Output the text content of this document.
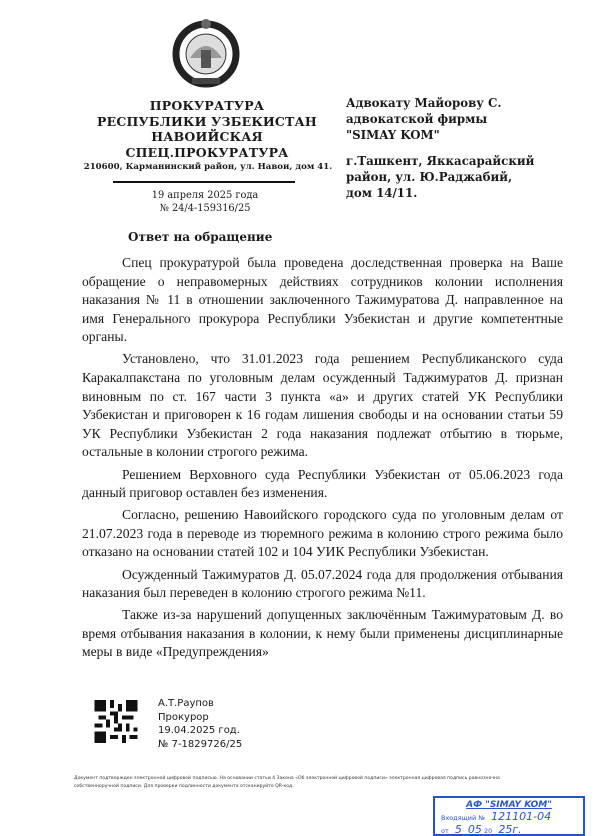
ПРОКУРАТУРА
РЕСПУБЛИКИ УЗБЕКИСТАН
НАВОИЙСКАЯ
СПЕЦ.ПРОКУРАТУРА
210600, Карманинский район, ул. Навои, дом 41.
19 апреля 2025 года
№ 24/4-159316/25
Адвокату Майорову С.
адвокатской фирмы
"SIMAY KOM"
г.Ташкент, Яккасарайский
район, ул. Ю.Раджабий,
дом 14/11.
Ответ на обращение

Спец прокуратурой была проведена доследственная проверка на Ваше обращение о неправомерных действиях сотрудников колонии исполнения наказания № 11 в отношении заключенного Тажимуратова Д. направленное на имя Генерального прокурора Республики Узбекистан и другие компетентные органы.

Установлено, что 31.01.2023 года решением Республиканского суда Каракалпакстана по уголовным делам осужденный Таджимуратов Д. признан виновным по ст. 167 части 3 пункта «а» и других статей УК Республики Узбекистан и приговорен к 16 годам лишения свободы и на основании статьи 59 УК Республики Узбекистан 2 года наказания подлежат отбытию в тюрьме, остальные в колонии строгого режима.

Решением Верховного суда Республики Узбекистан от 05.06.2023 года данный приговор оставлен без изменения.

Согласно, решению Навоийского городского суда по уголовным делам от 21.07.2023 года в переводе из тюремного режима в колонию строго режима было отказано на основании статей 102 и 104 УИК Республики Узбекистан.

Осужденный Тажимуратов Д. 05.07.2024 года для продолжения отбывания наказания был переведен в колонию строгого режима №11.

Также из-за нарушений допущенных заключённым Тажимуратовым Д. во время отбывания наказания в колонии, к нему были применены дисциплинарные меры в виде «Предупреждения»

А.Т.Раупов
Прокурор
19.04.2025 год.
№ 7-1829726/25
Документ подтвержден электронной цифровой подписью. На основании статьи 4 Закона «Об электронной цифровой подписи» электронная цифровая подпись равнозначна
собственноручной подписи. Для проверки подлинности документа отсканируйте QR-код.
АФ "SIMAY KOM"
Входящий № 121101-04
от 5 05 20 25г.
